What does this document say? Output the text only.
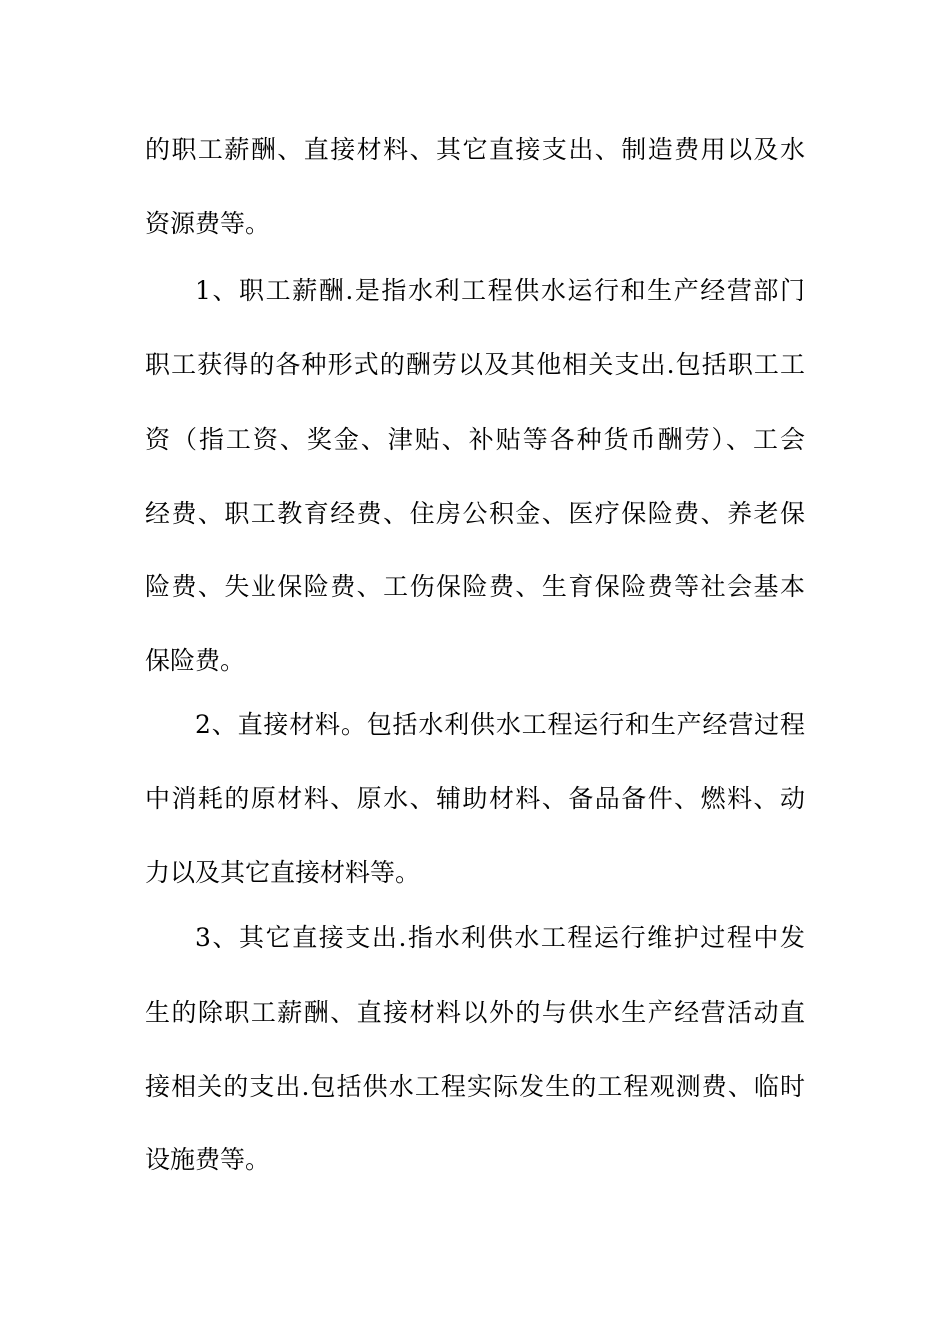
的职工薪酬、直接材料、其它直接支出、制造费用以及水
资源费等。
1、职工薪酬.是指水利工程供水运行和生产经营部门
职工获得的各种形式的酬劳以及其他相关支出.包括职工工
资（指工资、奖金、津贴、补贴等各种货币酬劳）、工会
经费、职工教育经费、住房公积金、医疗保险费、养老保
险费、失业保险费、工伤保险费、生育保险费等社会基本
保险费。
2、直接材料。包括水利供水工程运行和生产经营过程
中消耗的原材料、原水、辅助材料、备品备件、燃料、动
力以及其它直接材料等。
3、其它直接支出.指水利供水工程运行维护过程中发
生的除职工薪酬、直接材料以外的与供水生产经营活动直
接相关的支出.包括供水工程实际发生的工程观测费、临时
设施费等。
